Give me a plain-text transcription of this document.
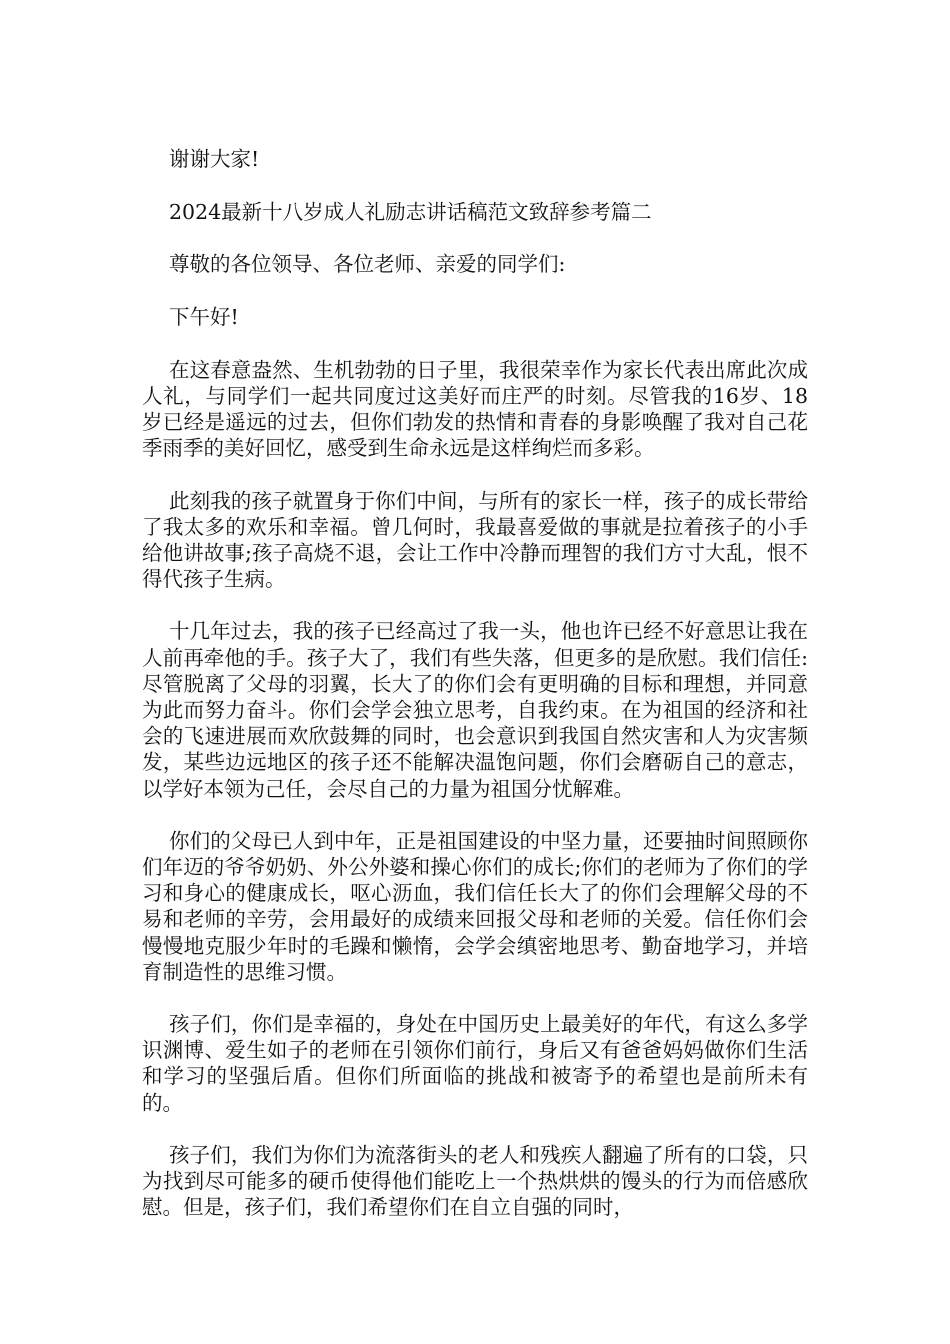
谢谢大家!

2024最新十八岁成人礼励志讲话稿范文致辞参考篇二

尊敬的各位领导、各位老师、亲爱的同学们:

下午好!

在这春意盎然、生机勃勃的日子里，我很荣幸作为家长代表出席此次成人礼，与同学们一起共同度过这美好而庄严的时刻。尽管我的16岁、18岁已经是遥远的过去，但你们勃发的热情和青春的身影唤醒了我对自己花季雨季的美好回忆，感受到生命永远是这样绚烂而多彩。

此刻我的孩子就置身于你们中间，与所有的家长一样，孩子的成长带给了我太多的欢乐和幸福。曾几何时，我最喜爱做的事就是拉着孩子的小手给他讲故事;孩子高烧不退，会让工作中冷静而理智的我们方寸大乱，恨不得代孩子生病。

十几年过去，我的孩子已经高过了我一头，他也许已经不好意思让我在人前再牵他的手。孩子大了，我们有些失落，但更多的是欣慰。我们信任:尽管脱离了父母的羽翼，长大了的你们会有更明确的目标和理想，并同意为此而努力奋斗。你们会学会独立思考，自我约束。在为祖国的经济和社会的飞速进展而欢欣鼓舞的同时，也会意识到我国自然灾害和人为灾害频发，某些边远地区的孩子还不能解决温饱问题，你们会磨砺自己的意志，以学好本领为己任，会尽自己的力量为祖国分忧解难。

你们的父母已人到中年，正是祖国建设的中坚力量，还要抽时间照顾你们年迈的爷爷奶奶、外公外婆和操心你们的成长;你们的老师为了你们的学习和身心的健康成长，呕心沥血，我们信任长大了的你们会理解父母的不易和老师的辛劳，会用最好的成绩来回报父母和老师的关爱。信任你们会慢慢地克服少年时的毛躁和懒惰，会学会缜密地思考、勤奋地学习，并培育制造性的思维习惯。

孩子们，你们是幸福的，身处在中国历史上最美好的年代，有这么多学识渊博、爱生如子的老师在引领你们前行，身后又有爸爸妈妈做你们生活和学习的坚强后盾。但你们所面临的挑战和被寄予的希望也是前所未有的。

孩子们，我们为你们为流落街头的老人和残疾人翻遍了所有的口袋，只为找到尽可能多的硬币使得他们能吃上一个热烘烘的馒头的行为而倍感欣慰。但是，孩子们，我们希望你们在自立自强的同时，
